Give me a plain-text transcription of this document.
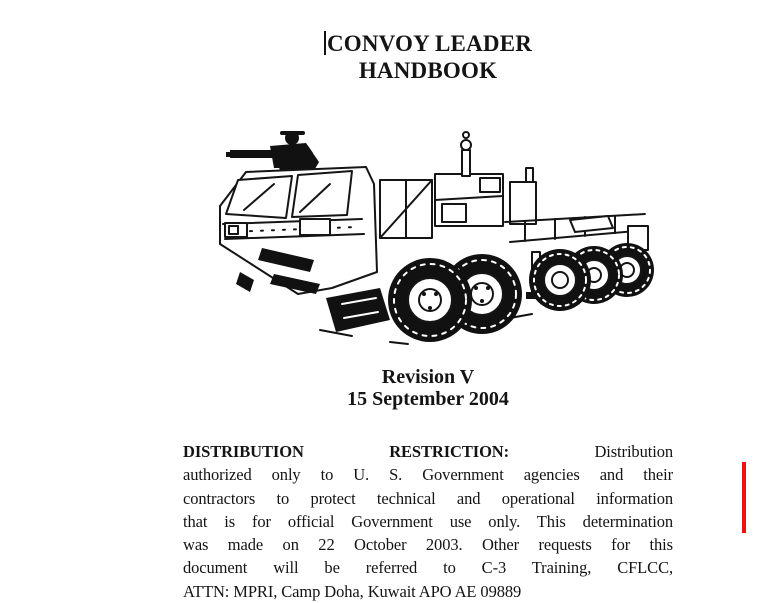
CONVOY LEADER
HANDBOOK
Revision V
15 September 2004
DISTRIBUTION	RESTRICTION:	Distribution
authorized only to U. S. Government agencies and their
contractors to protect technical and operational information
that is for official Government use only. This determination
was made on 22 October 2003. Other requests for this
document will be referred to C-3 Training, CFLCC,
ATTN: MPRI, Camp Doha, Kuwait APO AE 09889
